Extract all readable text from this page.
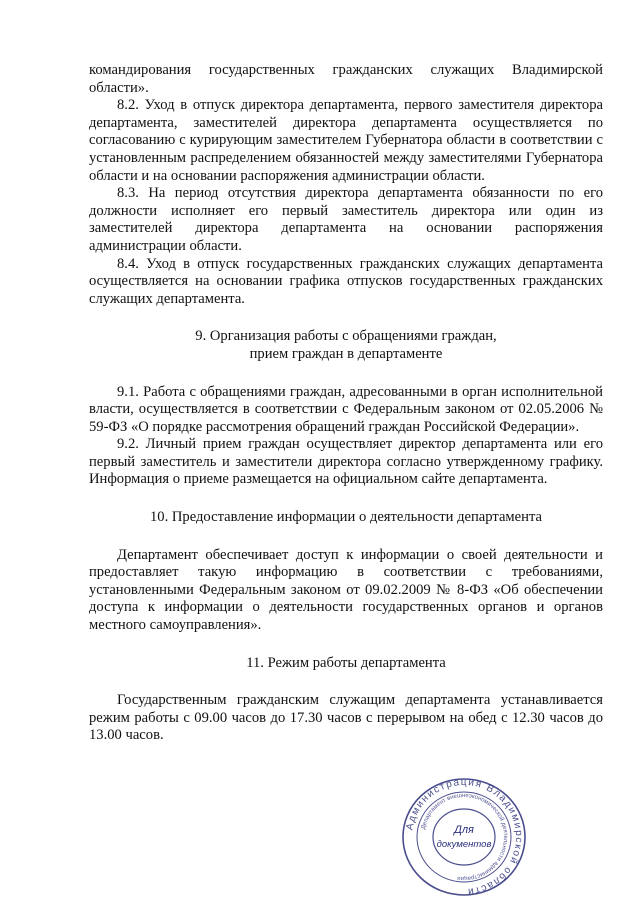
командирования государственных гражданских служащих Владимирской области».

8.2. Уход в отпуск директора департамента, первого заместителя директора департамента, заместителей директора департамента осуществляется по согласованию с курирующим заместителем Губернатора области в соответствии с установленным распределением обязанностей между заместителями Губернатора области и на основании распоряжения администрации области.

8.3. На период отсутствия директора департамента обязанности по его должности исполняет его первый заместитель директора или один из заместителей директора департамента на основании распоряжения администрации области.

8.4. Уход в отпуск государственных гражданских служащих департамента осуществляется на основании графика отпусков государственных гражданских служащих департамента.

9. Организация работы с обращениями граждан,

прием граждан в департаменте

9.1. Работа с обращениями граждан, адресованными в орган исполнительной власти, осуществляется в соответствии с Федеральным законом от 02.05.2006 № 59-ФЗ «О порядке рассмотрения обращений граждан Российской Федерации».

9.2. Личный прием граждан осуществляет директор департамента или его первый заместитель и заместители директора согласно утвержденному графику. Информация о приеме размещается на официальном сайте департамента.

10. Предоставление информации о деятельности департамента

Департамент обеспечивает доступ к информации о своей деятельности и предоставляет такую информацию в соответствии с требованиями, установленными Федеральным законом от 09.02.2009 № 8-ФЗ «Об обеспечении доступа к информации о деятельности государственных органов и органов местного самоуправления».

11. Режим работы департамента

Государственным гражданским служащим департамента устанавливается режим работы с 09.00 часов до 17.30 часов с перерывом на обед с 12.30 часов до 13.00 часов.

Администрация Владимирской области
Департамент внешнеэкономической деятельности администрации
Для
документов
